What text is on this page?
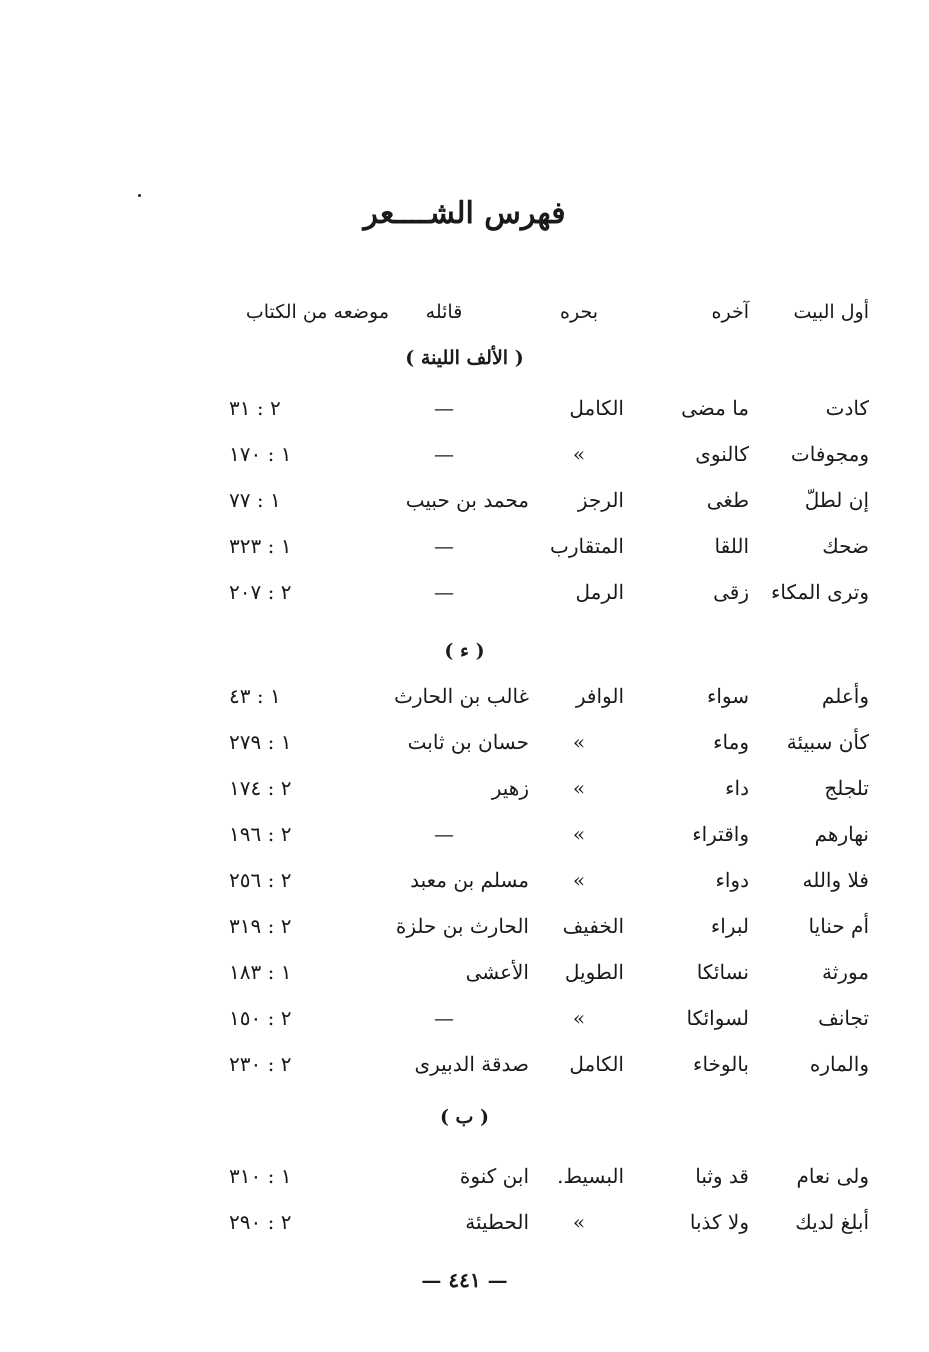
فهرس الشــــعر
أول البيت
آخره
بحره
قائله
موضعه من الكتاب
( الألف اللينة )
كادت
ما مضى
الكامل
—
٢ : ٣١
ومجوفات
كالنوى
»
—
١ : ١٧٠
إن لطلّ
طغى
الرجز
محمد بن حبيب
١ : ٧٧
ضحك
اللقا
المتقارب
—
١ : ٣٢٣
وترى المكاء
زقى
الرمل
—
٢ : ٢٠٧
( ء )
وأعلم
سواء
الوافر
غالب بن الحارث
١ : ٤٣
كأن سبيئة
وماء
»
حسان بن ثابت
١ : ٢٧٩
تلجلج
داء
»
زهير
٢ : ١٧٤
نهارهم
واقتراء
»
—
٢ : ١٩٦
فلا والله
دواء
»
مسلم بن معبد
٢ : ٢٥٦
أم حنايا
لبراء
الخفيف
الحارث بن حلزة
٢ : ٣١٩
مورثة
نسائكا
الطويل
الأعشى
١ : ١٨٣
تجانف
لسوائكا
»
—
٢ : ١٥٠
والماره
بالوخاء
الكامل
صدقة الدبيرى
٢ : ٢٣٠
( ب )
ولى نعام
قد وثبا
البسيط.
ابن كنوة
١ : ٣١٠
أبلغ لديك
ولا كذبا
»
الحطيئة
٢ : ٢٩٠
— ٤٤١ —
